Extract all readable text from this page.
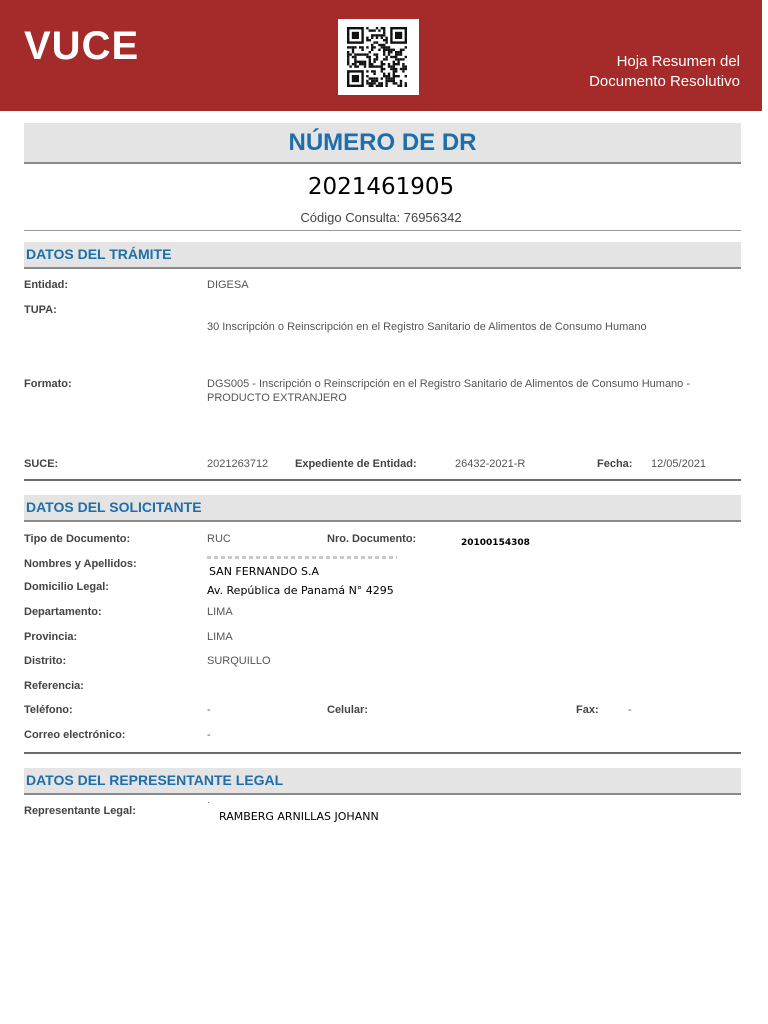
VUCE	Hoja Resumen del
Documento Resolutivo
NÚMERO DE DR
2021461905
Código Consulta: 76956342
DATOS DEL TRÁMITE
Entidad:	DIGESA
TUPA:
30 Inscripción o Reinscripción en el Registro Sanitario de Alimentos de Consumo Humano
Formato:	DGS005 - Inscripción o Reinscripción en el Registro Sanitario de Alimentos de Consumo Humano - PRODUCTO EXTRANJERO
SUCE:	2021263712 Expediente de Entidad:	26432-2021-R	Fecha: 12/05/2021
DATOS DEL SOLICITANTE
Tipo de Documento:	RUC	Nro. Documento:	20100154308
Nombres y Apellidos:
SAN FERNANDO S.A
Domicilio Legal:	Av. República de Panamá N° 4295
Departamento:	LIMA
Provincia:	LIMA
Distrito:	SURQUILLO
Referencia:
Teléfono:	-	Celular:	Fax:	-
Correo electrónico:	-
DATOS DEL REPRESENTANTE LEGAL
Representante Legal:
·
RAMBERG ARNILLAS JOHANN
